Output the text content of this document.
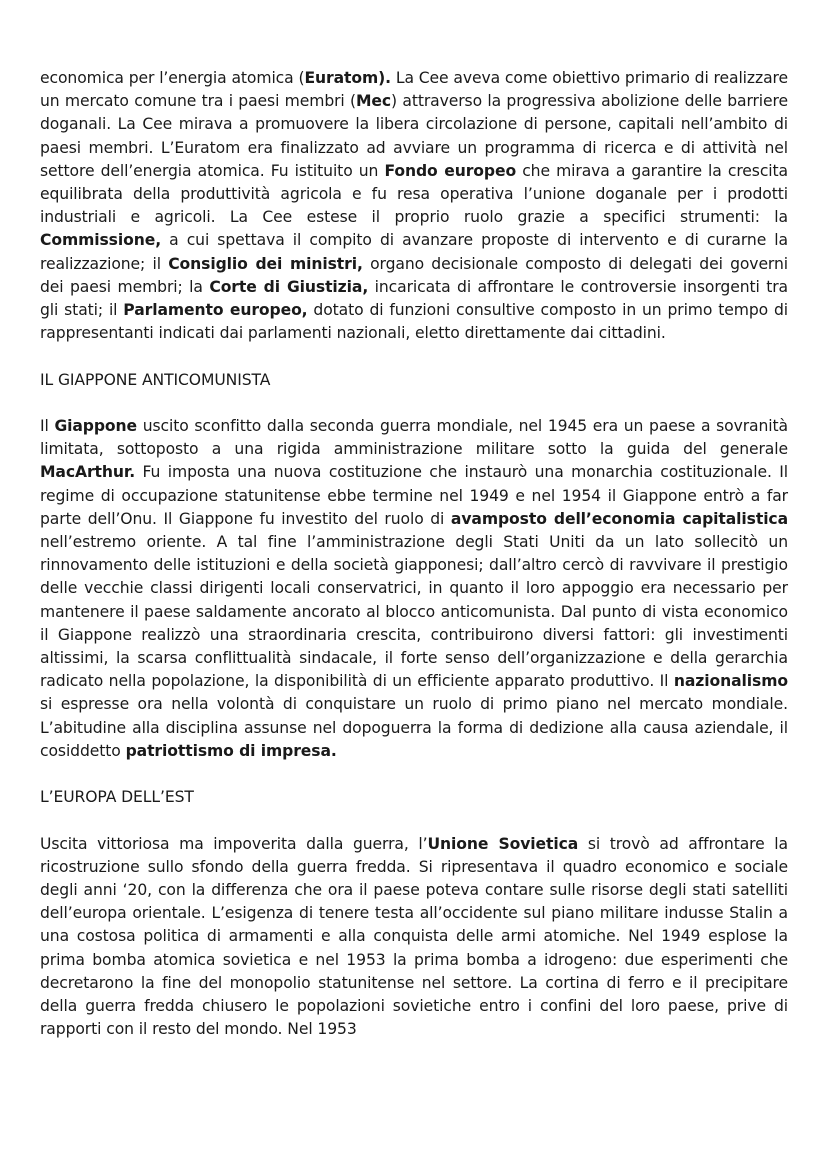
economica per l’energia atomica (Euratom). La Cee aveva come obiettivo primario di realizzare un mercato comune tra i paesi membri (Mec) attraverso la progressiva abolizione delle barriere doganali. La Cee mirava a promuovere la libera circolazione di persone, capitali nell’ambito di paesi membri. L’Euratom era finalizzato ad avviare un programma di ricerca e di attività nel settore dell’energia atomica. Fu istituito un Fondo europeo che mirava a garantire la crescita equilibrata della produttività agricola e fu resa operativa l’unione doganale per i prodotti industriali e agricoli. La Cee estese il proprio ruolo grazie a specifici strumenti: la Commissione, a cui spettava il compito di avanzare proposte di intervento e di curarne la realizzazione; il Consiglio dei ministri, organo decisionale composto di delegati dei governi dei paesi membri; la Corte di Giustizia, incaricata di affrontare le controversie insorgenti tra gli stati; il Parlamento europeo, dotato di funzioni consultive composto in un primo tempo di rappresentanti indicati dai parlamenti nazionali, eletto direttamente dai cittadini.

IL GIAPPONE ANTICOMUNISTA

Il Giappone uscito sconfitto dalla seconda guerra mondiale, nel 1945 era un paese a sovranità limitata, sottoposto a una rigida amministrazione militare sotto la guida del generale MacArthur. Fu imposta una nuova costituzione che instaurò una monarchia costituzionale. Il regime di occupazione statunitense ebbe termine nel 1949 e nel 1954 il Giappone entrò a far parte dell’Onu. Il Giappone fu investito del ruolo di avamposto dell’economia capitalistica nell’estremo oriente. A tal fine l’amministrazione degli Stati Uniti da un lato sollecitò un rinnovamento delle istituzioni e della società giapponesi; dall’altro cercò di ravvivare il prestigio delle vecchie classi dirigenti locali conservatrici, in quanto il loro appoggio era necessario per mantenere il paese saldamente ancorato al blocco anticomunista. Dal punto di vista economico il Giappone realizzò una straordinaria crescita, contribuirono diversi fattori: gli investimenti altissimi, la scarsa conflittualità sindacale, il forte senso dell’organizzazione e della gerarchia radicato nella popolazione, la disponibilità di un efficiente apparato produttivo. Il nazionalismo si espresse ora nella volontà di conquistare un ruolo di primo piano nel mercato mondiale. L’abitudine alla disciplina assunse nel dopoguerra la forma di dedizione alla causa aziendale, il cosiddetto patriottismo di impresa.

L’EUROPA DELL’EST

Uscita vittoriosa ma impoverita dalla guerra, l’Unione Sovietica si trovò ad affrontare la ricostruzione sullo sfondo della guerra fredda. Si ripresentava il quadro economico e sociale degli anni ‘20, con la differenza che ora il paese poteva contare sulle risorse degli stati satelliti dell’europa orientale. L’esigenza di tenere testa all’occidente sul piano militare indusse Stalin a una costosa politica di armamenti e alla conquista delle armi atomiche. Nel 1949 esplose la prima bomba atomica sovietica e nel 1953 la prima bomba a idrogeno: due esperimenti che decretarono la fine del monopolio statunitense nel settore. La cortina di ferro e il precipitare della guerra fredda chiusero le popolazioni sovietiche entro i confini del loro paese, prive di rapporti con il resto del mondo. Nel 1953
